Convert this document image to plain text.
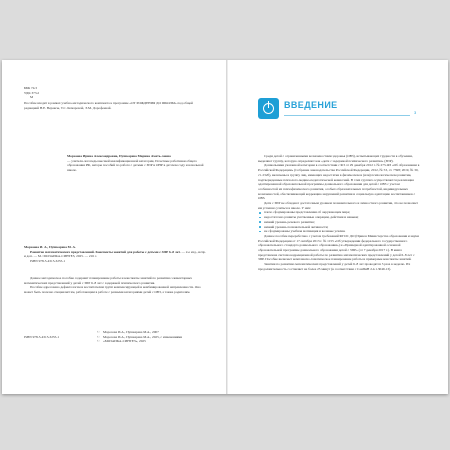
ББК 74.3

УДК 373.2

М

Пособие входит в рамках учебно-методического комплекта к программе «ОТ РОЖДЕНИЯ ДО ШКОЛЫ» под общей редакцией Н.Е. Вераксы, Т.С. Комаровой, Э.М. Дорофеевой.

Морозова Ирина Александровна, Пушкарева Марина Аметь-ловна

— учителя-логопеды высшей квалификационной категории, Почетные работники общего образования РФ, авторы пособий по работе с детьми с ЗПР и ОНР в детском саду и начальной школе.

Морозова И. А., Пушкарева М. А.

Развитие математических представлений. Конспекты занятий для работы с детьми с ЗПР 6–8 лет. — 2-е изд., испр. и доп. — М.: МОЗАИКА-СИНТЕЗ, 2025. — 216 с.

ISBN 978-5-4315-3255-1

Данное методическое пособие содержит планирование работы и конспекты занятий по развитию элементарных математических представлений у детей с ЗПР 6–8 лет с задержкой психического развития.

Пособие адресовано дефектологам и воспитателям групп компенсирующей и комбинированной направленности. Оно может быть полезно специалистам, работающим в работе с разными категориями детей с ОВЗ, а также родителям.

ISBN 978-5-4315-3255-1

© Морозова И.А., Пушкарева М.А., 2007

© Морозова И.А., Пушкарева М.А., 2025, с изменениями

© «МОЗАИКА-СИНТЕЗ», 2025

ВВЕДЕНИЕ
3

Среди детей с ограниченными возможностями здоровья (ОВЗ), испытывающих трудности в обучении, выделяют группу, которую определяют как «дети с задержкой психического развития» (ЗПР).

Дошкольники указанной категории в соответствии с ФЗ от 29 декабря 2012 г. № 273-ФЗ «Об образовании в Российской Федерации» (Собрание законодательства Российской Федерации, 2012, № 53, ст. 7598; 2019, № 30, ст. 232б), включены в группу лиц, имеющих недостатки в физическом и (или) психологическом развитии, подтвержденные психолого-медико-педагогической комиссией. В этих группах осуществляется реализация адаптированной образовательной программы дошкольного образования для детей с ОВЗ с учетом особенностей их психофизического развития, особых образовательных потребностей, индивидуальных возможностей, обеспечивающей коррекцию нарушений развития и социальную адаптацию воспитанников с ОВЗ.

Дети с ЗПР не обладают достаточным уровнем познавательного и личностного развития, что не позволяет им успешно учиться в школе. У них:

плохо сформированы представления об окружающем мире;
недостаточно развиты умственные операции, действия и навыки;
низкий уровень речевого развития;
низкий уровень познавательной активности;
не сформированы учебная мотивация и волевые усилия.

Данное пособие переработано с учетом требований ФГОС ДО (Приказ Министерства образования и науки Российской Федерации от 17 октября 2013 г. № 1155 «Об утверждении федерального государственного образовательного стандарта дошкольного образования») и «Примерной адаптированной основной образовательной программы дошкольного образования детей с ЗПР» (от 7 декабря 2017 г.). В книге представлена система коррекционной работы по развитию математических представлений у детей 6–8 лет с ЗПР. Пособие включает комплексно-тематическое планирование работы и примерные конспекты занятий.

Занятия по развитию математических представлений у детей 6–8 лет проводятся 3 раза в неделю. Их продолжительность составляет не более 25 минут (в соответствии с СанПиН 2.4.1.3049-13).
